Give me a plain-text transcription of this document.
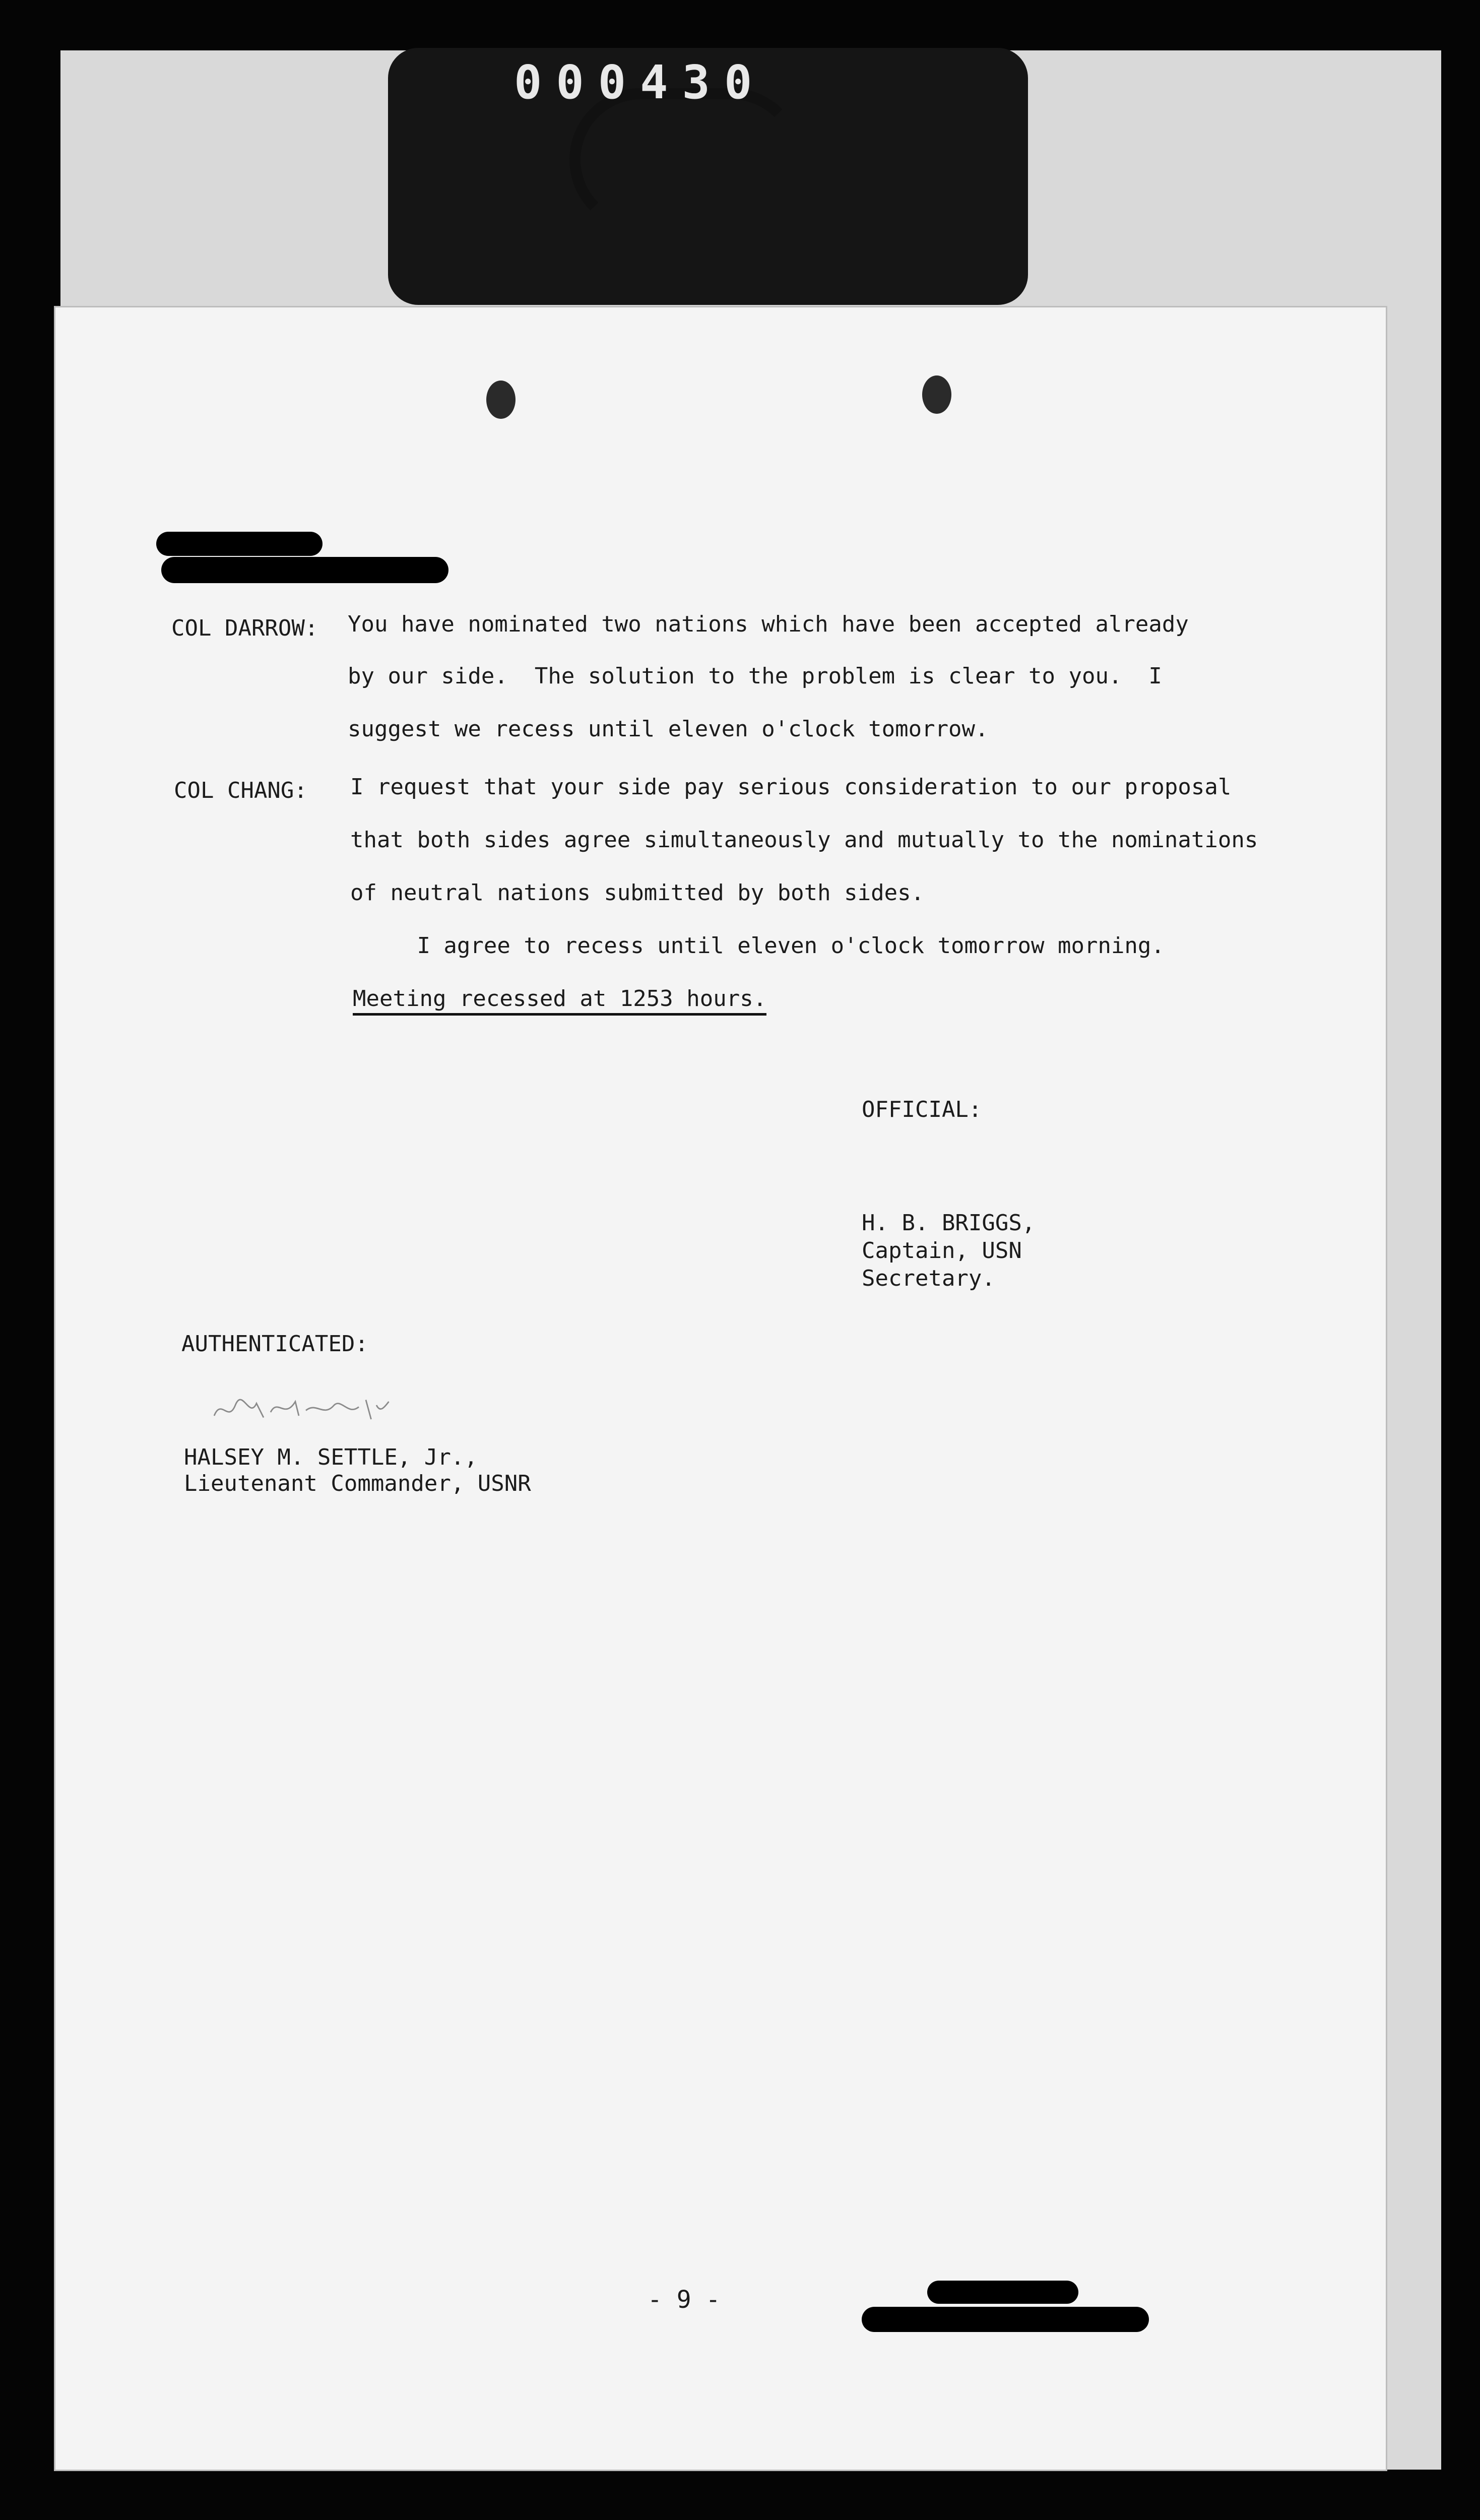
000430
COL DARROW: You have nominated two nations which have been accepted already
by our side.  The solution to the problem is clear to you.  I
suggest we recess until eleven o'clock tomorrow.
COL CHANG: I request that your side pay serious consideration to our proposal
that both sides agree simultaneously and mutually to the nominations
of neutral nations submitted by both sides.
I agree to recess until eleven o'clock tomorrow morning.
Meeting recessed at 1253 hours.
OFFICIAL:
H. B. BRIGGS,
Captain, USN
Secretary.
AUTHENTICATED:
HALSEY M. SETTLE, Jr.,
Lieutenant Commander, USNR
- 9 -
